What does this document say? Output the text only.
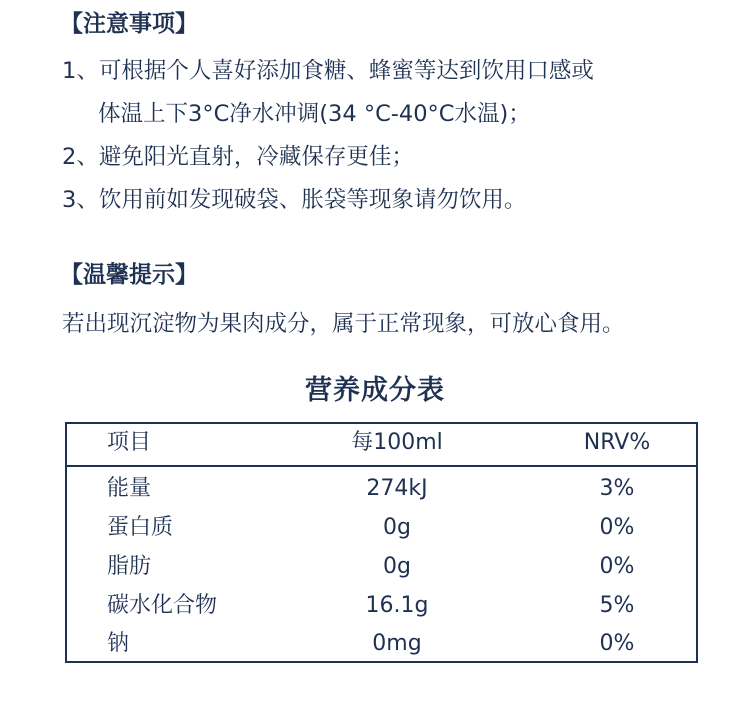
【注意事项】
1、可根据个人喜好添加食糖、蜂蜜等达到饮用口感或
体温上下3°C净水冲调(34 °C-40°C水温)；
2、避免阳光直射，冷藏保存更佳；
3、饮用前如发现破袋、胀袋等现象请勿饮用。
【温馨提示】
若出现沉淀物为果肉成分，属于正常现象，可放心食用。
营养成分表
项目	每100ml	NRV%
能量	274kJ	3%
蛋白质	0g	0%
脂肪	0g	0%
碳水化合物	16.1g	5%
钠	0mg	0%
